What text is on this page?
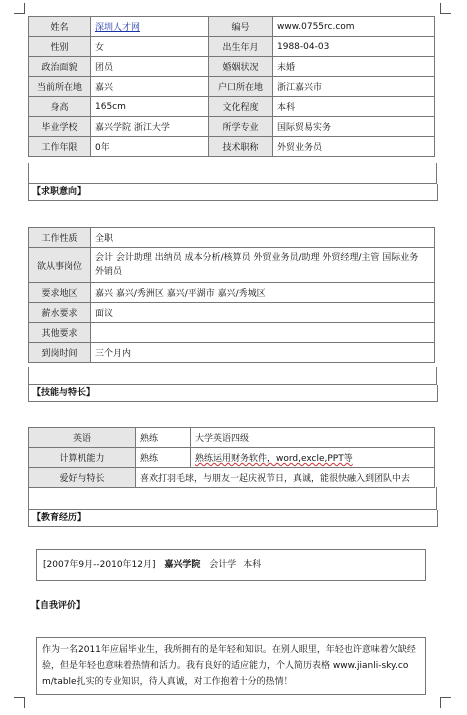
姓名	深圳人才网	编号	www.0755rc.com
性别	女	出生年月	1988-04-03
政治面貌	团员	婚姻状况	未婚
当前所在地	嘉兴	户口所在地	浙江嘉兴市
身高	165cm	文化程度	本科
毕业学校	嘉兴学院 浙江大学	所学专业	国际贸易实务
工作年限	0年	技术职称	外贸业务员
【求职意向】
工作性质	全职
欲从事岗位	会计 会计助理 出纳员 成本分析/核算员 外贸业务员/助理 外贸经理/主管 国际业务 外销员
要求地区	嘉兴 嘉兴/秀洲区 嘉兴/平湖市 嘉兴/秀城区
薪水要求	面议
其他要求	
到岗时间	三个月内
【技能与特长】
英语	熟练	大学英语四级
计算机能力	熟练	熟练运用财务软件，word,excle,PPT等
爱好与特长	喜欢打羽毛球，与朋友一起庆祝节日，真诚，能很快融入到团队中去	
【教育经历】
[2007年9月--2010年12月] 嘉兴学院 会计学 本科
【自我评价】
作为一名2011年应届毕业生，我所拥有的是年轻和知识。在别人眼里，年轻也许意味着欠缺经验，但是年轻也意味着热情和活力。我有良好的适应能力，个人简历表格 www.jianli-sky.com/table扎实的专业知识，待人真诚，对工作抱着十分的热情！
